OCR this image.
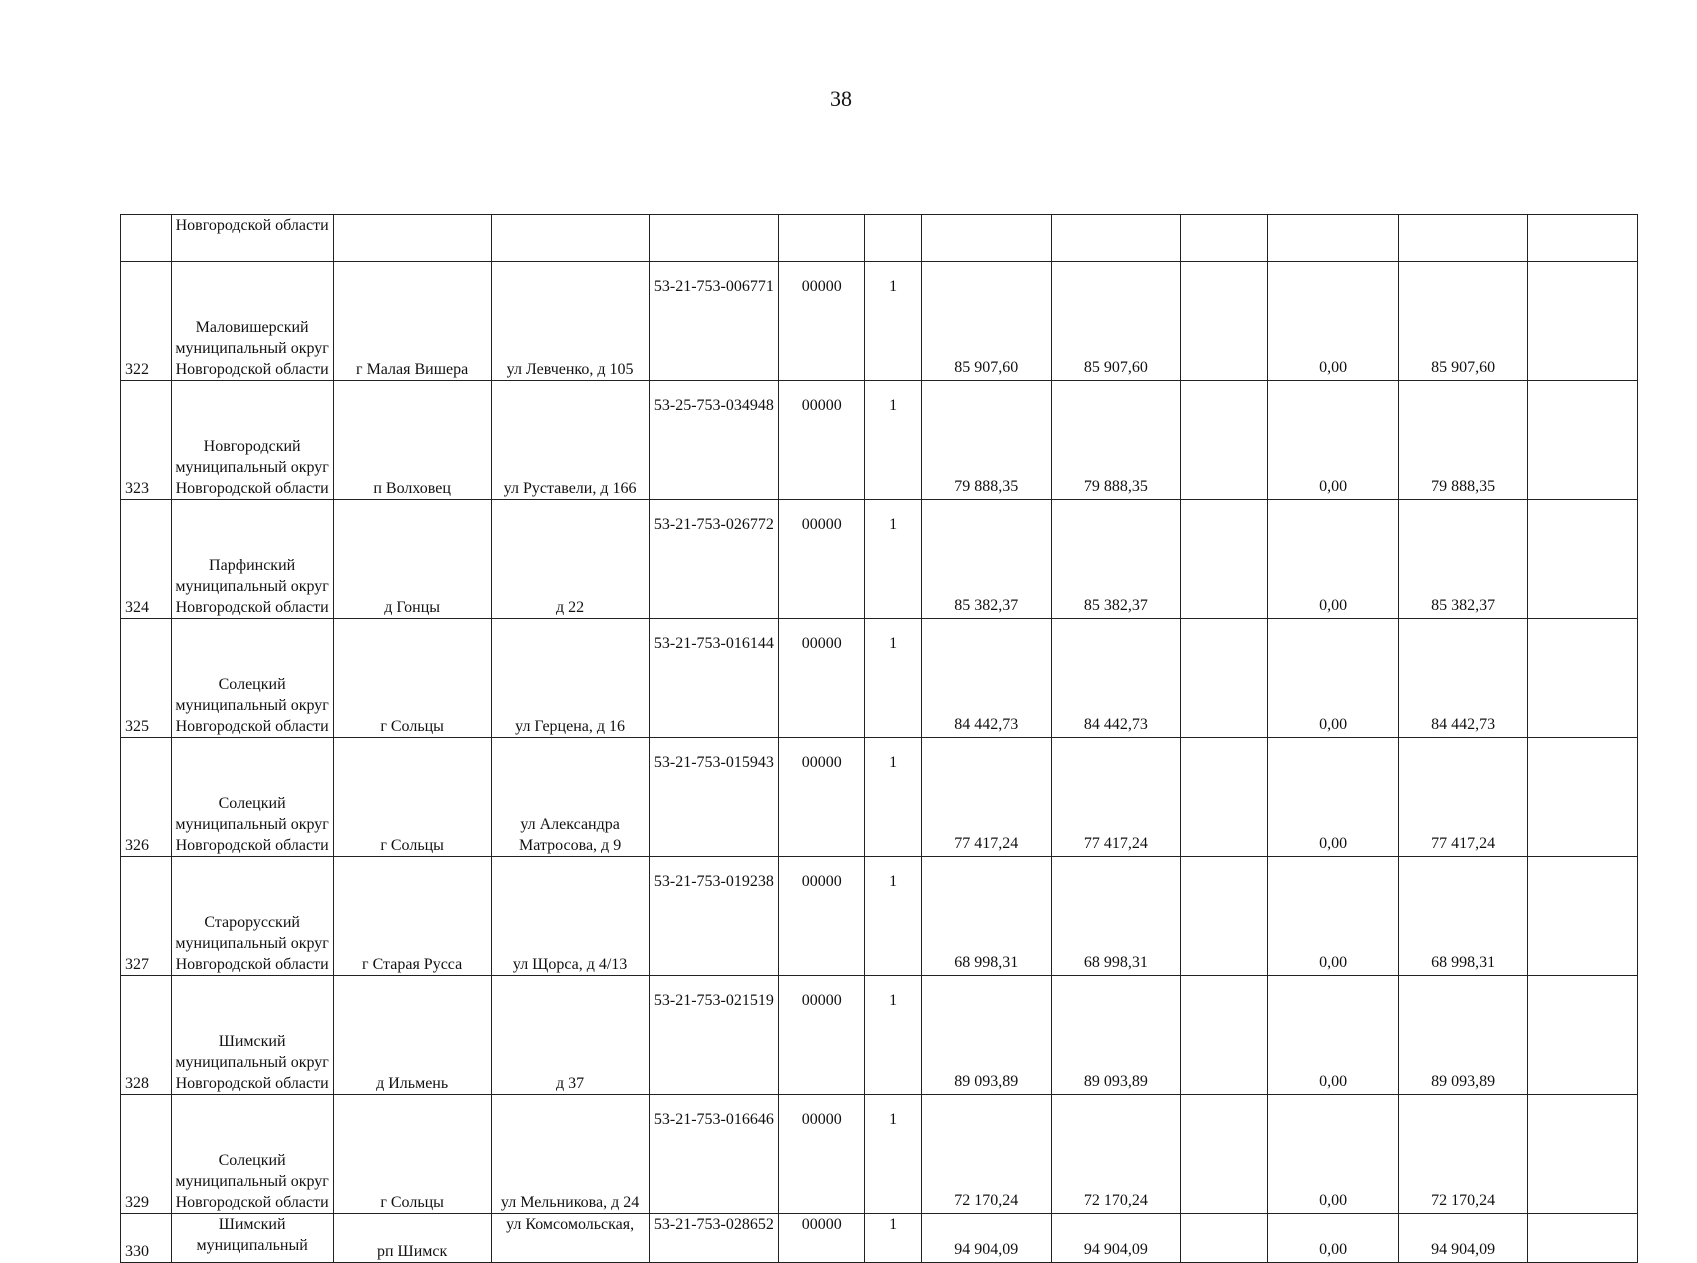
38
	Новгородской области											
322	Маловишерский муниципальный округ Новгородской области	г Малая Вишера	ул Левченко, д 105	53-21-753-006771	00000	1	85 907,60	85 907,60		0,00	85 907,60	
323	Новгородский муниципальный округ Новгородской области	п Волховец	ул Руставели, д 166	53-25-753-034948	00000	1	79 888,35	79 888,35		0,00	79 888,35	
324	Парфинский муниципальный округ Новгородской области	д Гонцы	д 22	53-21-753-026772	00000	1	85 382,37	85 382,37		0,00	85 382,37	
325	Солецкий муниципальный округ Новгородской области	г Сольцы	ул Герцена, д 16	53-21-753-016144	00000	1	84 442,73	84 442,73		0,00	84 442,73	
326	Солецкий муниципальный округ Новгородской области	г Сольцы	ул Александра Матросова, д 9	53-21-753-015943	00000	1	77 417,24	77 417,24		0,00	77 417,24	
327	Старорусский муниципальный округ Новгородской области	г Старая Русса	ул Щорса, д 4/13	53-21-753-019238	00000	1	68 998,31	68 998,31		0,00	68 998,31	
328	Шимский муниципальный округ Новгородской области	д Ильмень	д 37	53-21-753-021519	00000	1	89 093,89	89 093,89		0,00	89 093,89	
329	Солецкий муниципальный округ Новгородской области	г Сольцы	ул Мельникова, д 24	53-21-753-016646	00000	1	72 170,24	72 170,24		0,00	72 170,24	
330	Шимский муниципальный	рп Шимск	ул Комсомольская,	53-21-753-028652	00000	1	94 904,09	94 904,09		0,00	94 904,09	
